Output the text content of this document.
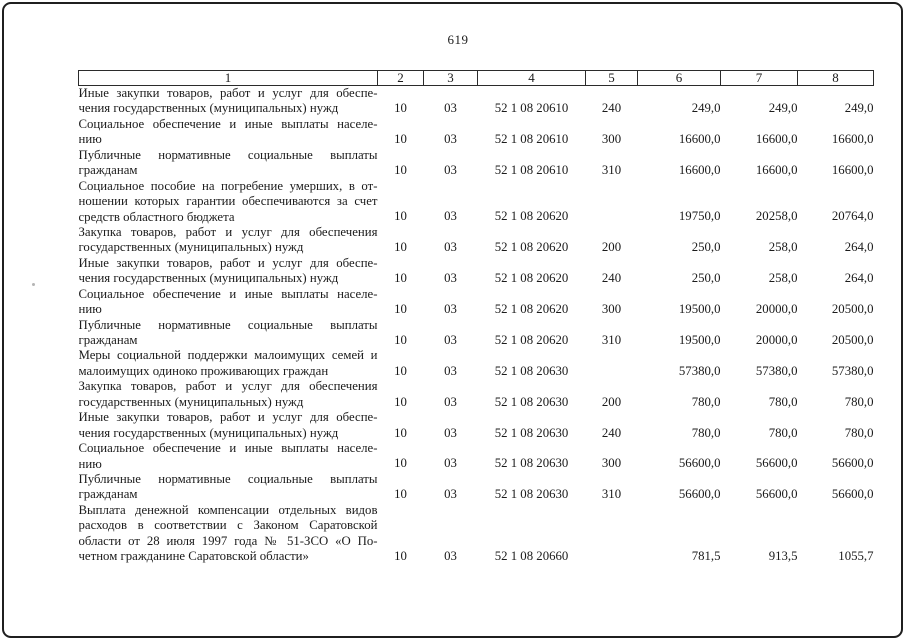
619
1	2	3	4	5	6	7	8

Иные закупки товаров, работ и услуг для обеспе-
чения государственных (муниципальных) нужд	10	03	52 1 08 20610	240	249,0	249,0	249,0

Социальное обеспечение и иные выплаты населе-
нию	10	03	52 1 08 20610	300	16600,0	16600,0	16600,0

Публичные нормативные социальные выплаты
гражданам	10	03	52 1 08 20610	310	16600,0	16600,0	16600,0

Социальное пособие на погребение умерших, в от-
ношении которых гарантии обеспечиваются за счет
средств областного бюджета	10	03	52 1 08 20620		19750,0	20258,0	20764,0

Закупка товаров, работ и услуг для обеспечения
государственных (муниципальных) нужд	10	03	52 1 08 20620	200	250,0	258,0	264,0

Иные закупки товаров, работ и услуг для обеспе-
чения государственных (муниципальных) нужд	10	03	52 1 08 20620	240	250,0	258,0	264,0

Социальное обеспечение и иные выплаты населе-
нию	10	03	52 1 08 20620	300	19500,0	20000,0	20500,0

Публичные нормативные социальные выплаты
гражданам	10	03	52 1 08 20620	310	19500,0	20000,0	20500,0

Меры социальной поддержки малоимущих семей и
малоимущих одиноко проживающих граждан	10	03	52 1 08 20630		57380,0	57380,0	57380,0

Закупка товаров, работ и услуг для обеспечения
государственных (муниципальных) нужд	10	03	52 1 08 20630	200	780,0	780,0	780,0

Иные закупки товаров, работ и услуг для обеспе-
чения государственных (муниципальных) нужд	10	03	52 1 08 20630	240	780,0	780,0	780,0

Социальное обеспечение и иные выплаты населе-
нию	10	03	52 1 08 20630	300	56600,0	56600,0	56600,0

Публичные нормативные социальные выплаты
гражданам	10	03	52 1 08 20630	310	56600,0	56600,0	56600,0

Выплата денежной компенсации отдельных видов
расходов в соответствии с Законом Саратовской
области от 28 июля 1997 года № 51-ЗСО «О По-
четном гражданине Саратовской области»	10	03	52 1 08 20660		781,5	913,5	1055,7
